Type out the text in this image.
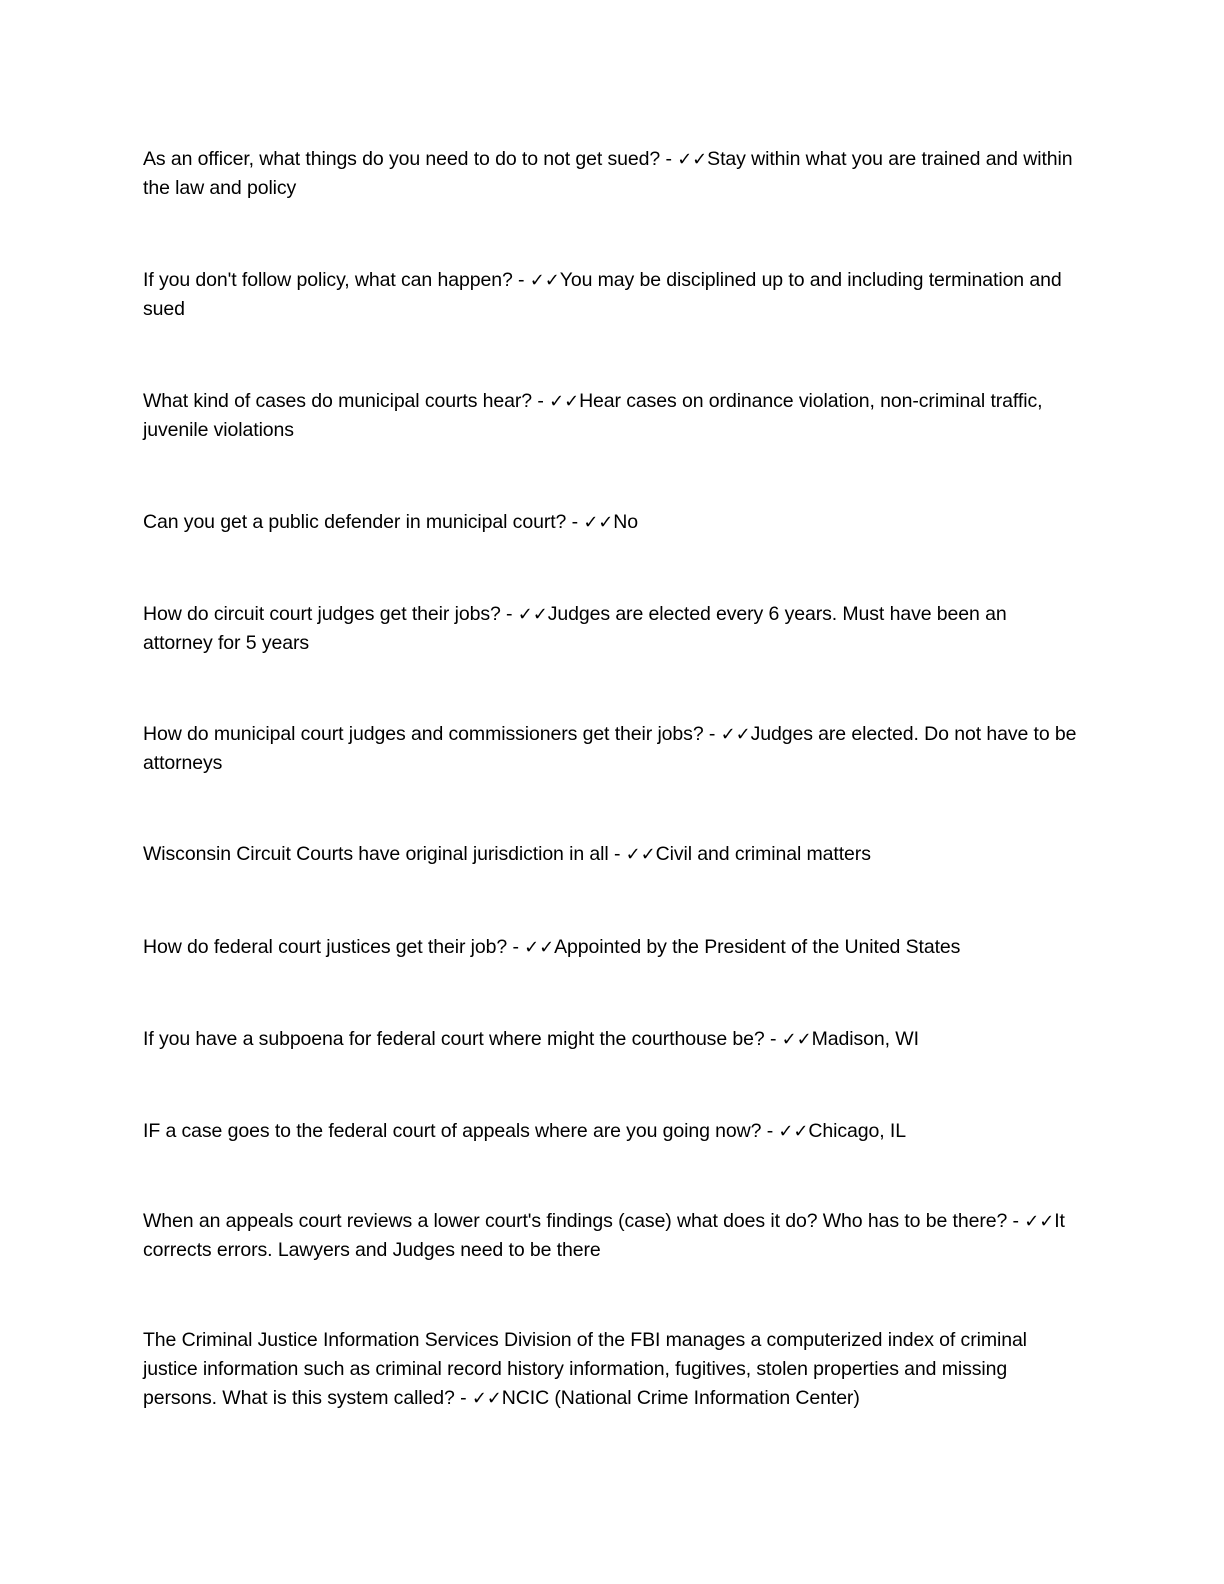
As an officer, what things do you need to do to not get sued? - ✓✓Stay within what you are trained and within the law and policy
If you don't follow policy, what can happen? - ✓✓You may be disciplined up to and including termination and sued
What kind of cases do municipal courts hear? - ✓✓Hear cases on ordinance violation, non-criminal traffic, juvenile violations
Can you get a public defender in municipal court? - ✓✓No
How do circuit court judges get their jobs? - ✓✓Judges are elected every 6 years. Must have been an attorney for 5 years
How do municipal court judges and commissioners get their jobs? - ✓✓Judges are elected. Do not have to be attorneys
Wisconsin Circuit Courts have original jurisdiction in all - ✓✓Civil and criminal matters
How do federal court justices get their job? - ✓✓Appointed by the President of the United States
If you have a subpoena for federal court where might the courthouse be? - ✓✓Madison, WI
IF a case goes to the federal court of appeals where are you going now? - ✓✓Chicago, IL
When an appeals court reviews a lower court's findings (case) what does it do? Who has to be there? - ✓✓It corrects errors. Lawyers and Judges need to be there
The Criminal Justice Information Services Division of the FBI manages a computerized index of criminal justice information such as criminal record history information, fugitives, stolen properties and missing persons. What is this system called? - ✓✓NCIC (National Crime Information Center)
